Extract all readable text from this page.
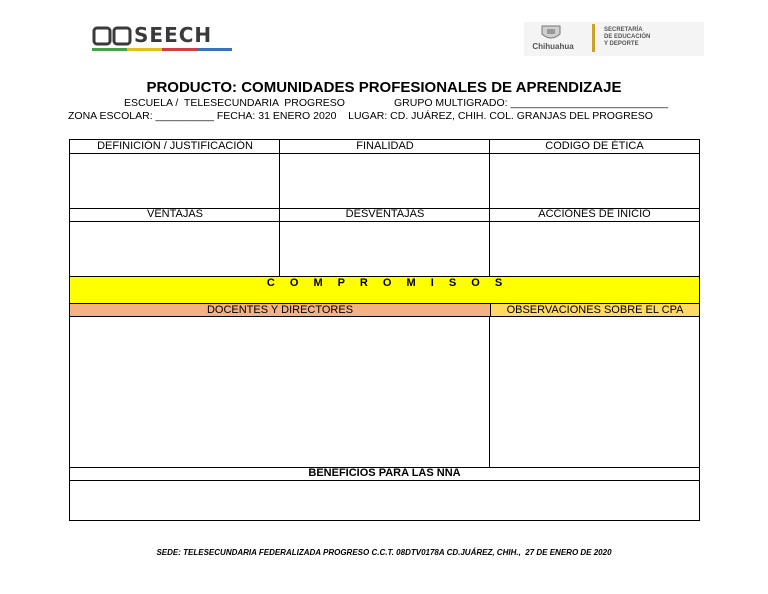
SEECH	Chihuahua
SECRETARÍA
DE EDUCACIÓN
Y DEPORTE
PRODUCTO: COMUNIDADES PROFESIONALES DE APRENDIZAJE
ESCUELA /  TELESECUNDARIA  PROGRESO	GRUPO MULTIGRADO: ___________________________
ZONA ESCOLAR: __________ FECHA: 31 ENERO 2020    LUGAR: CD. JUÁREZ, CHIH. COL. GRANJAS DEL PROGRESO
DEFINICIÓN / JUSTIFICACIÓN	FINALIDAD	CODIGO DE ÉTICA
VENTAJAS	DESVENTAJAS	ACCIONES DE INICIO
C O M P R O M I S O S
DOCENTES Y DIRECTORES	OBSERVACIONES SOBRE EL CPA
BENEFICIOS PARA LAS NNA
SEDE: TELESECUNDARIA FEDERALIZADA PROGRESO C.C.T. 08DTV0178A CD.JUÁREZ, CHIH.,  27 DE ENERO DE 2020
